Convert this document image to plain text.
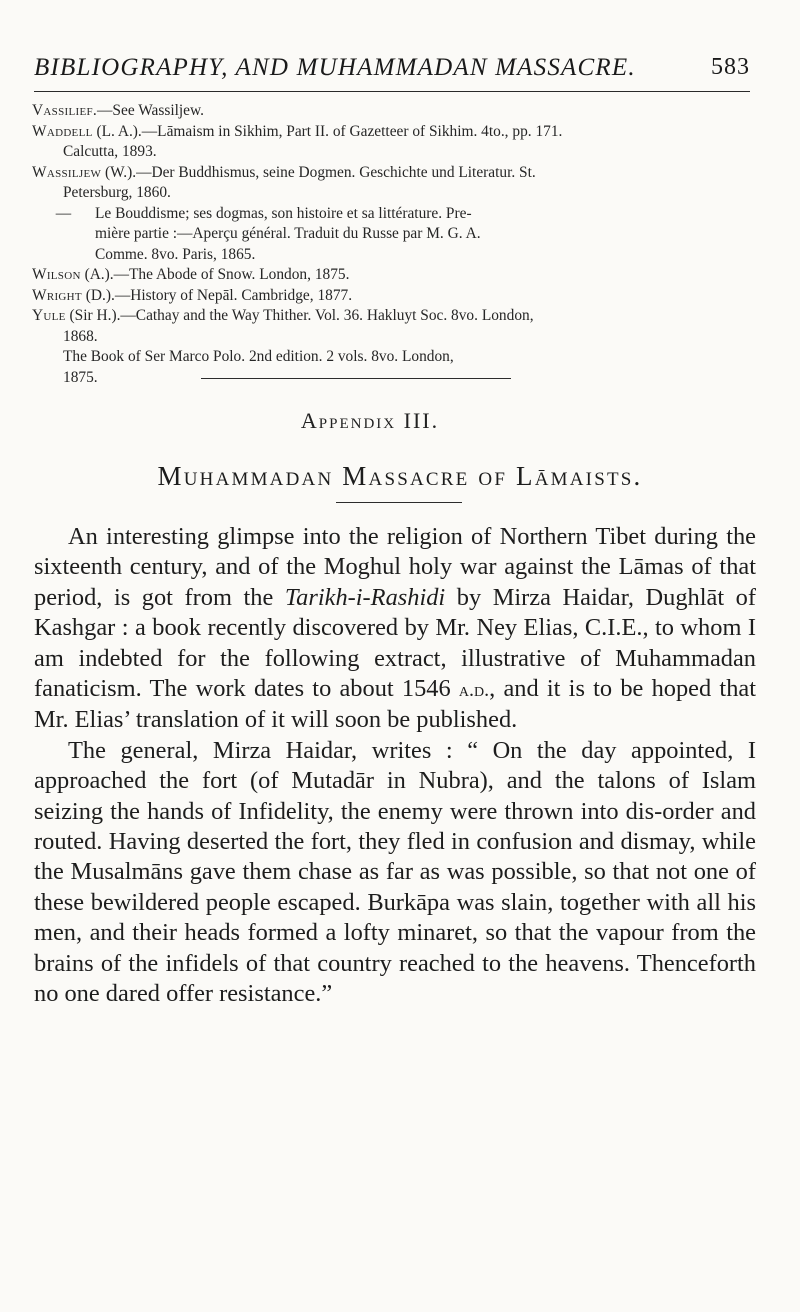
BIBLIOGRAPHY, AND MUHAMMADAN MASSACRE.	583
Vassilief.—See Wassiljew.
Waddell (L. A.).—Lāmaism in Sikhim, Part II. of Gazetteer of Sikhim. 4to., pp. 171.
Calcutta, 1893.
Wassiljew (W.).—Der Buddhismus, seine Dogmen. Geschichte und Literatur. St.
Petersburg, 1860.
— Le Bouddisme; ses dogmas, son histoire et sa littérature. Pre-
mière partie :—Aperçu général. Traduit du Russe par M. G. A.
Comme. 8vo. Paris, 1865.
Wilson (A.).—The Abode of Snow. London, 1875.
Wright (D.).—History of Nepāl. Cambridge, 1877.
Yule (Sir H.).—Cathay and the Way Thither. Vol. 36. Hakluyt Soc. 8vo. London,
1868.
The Book of Ser Marco Polo. 2nd edition. 2 vols. 8vo. London,
1875.
Appendix III.
Muhammadan Massacre of Lāmaists.

An interesting glimpse into the religion of Northern Tibet during the sixteenth century, and of the Moghul holy war against the Lāmas of that period, is got from the Tarikh-i-Rashidi by Mirza Haidar, Dughlāt of Kashgar : a book recently discovered by Mr. Ney Elias, C.I.E., to whom I am indebted for the following extract, illustrative of Muhammadan fanaticism. The work dates to about 1546 a.d., and it is to be hoped that Mr. Elias’ translation of it will soon be published.

The general, Mirza Haidar, writes : “ On the day appointed, I approached the fort (of Mutadār in Nubra), and the talons of Islam seizing the hands of Infidelity, the enemy were thrown into dis-order and routed. Having deserted the fort, they fled in confusion and dismay, while the Musalmāns gave them chase as far as was possible, so that not one of these bewildered people escaped. Burkāpa was slain, together with all his men, and their heads formed a lofty minaret, so that the vapour from the brains of the infidels of that country reached to the heavens. Thenceforth no one dared offer resistance.”
